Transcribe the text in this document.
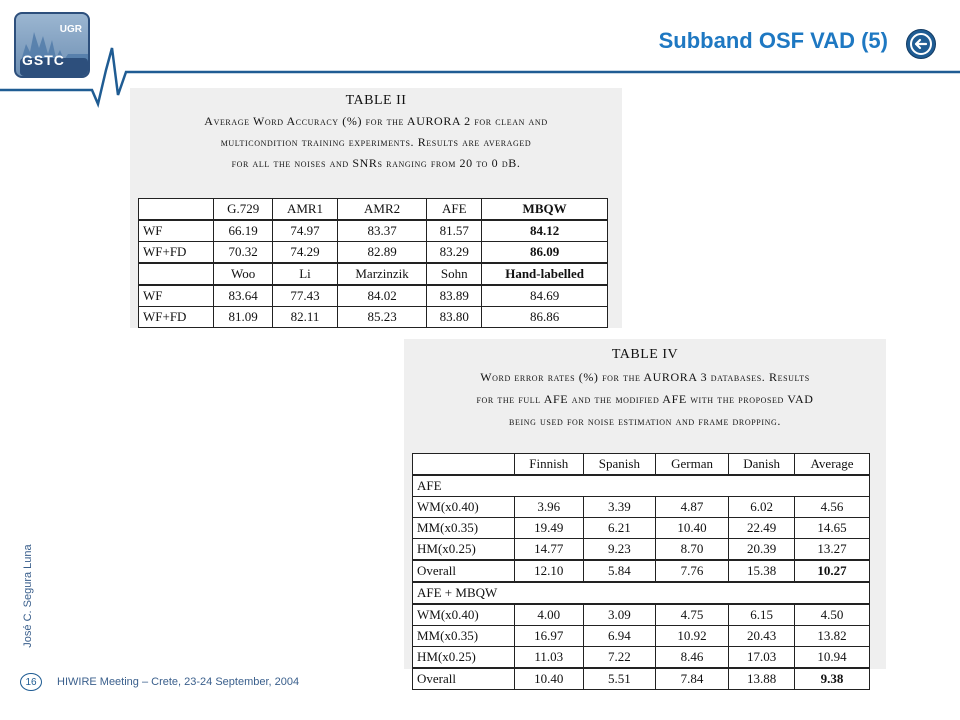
UGR
GSTC
Subband OSF VAD (5)
TABLE II
Average Word Accuracy (%) for the AURORA 2 for clean and
multicondition training experiments. Results are averaged
for all the noises and SNRs ranging from 20 to 0 dB.
	G.729	AMR1	AMR2	AFE	MBQW
WF	66.19	74.97	83.37	81.57	84.12
WF+FD	70.32	74.29	82.89	83.29	86.09
	Woo	Li	Marzinzik	Sohn	Hand-labelled
WF	83.64	77.43	84.02	83.89	84.69
WF+FD	81.09	82.11	85.23	83.80	86.86
TABLE IV
Word error rates (%) for the AURORA 3 databases. Results
for the full AFE and the modified AFE with the proposed VAD
being used for noise estimation and frame dropping.
	Finnish	Spanish	German	Danish	Average
AFE					
WM(x0.40)	3.96	3.39	4.87	6.02	4.56
MM(x0.35)	19.49	6.21	10.40	22.49	14.65
HM(x0.25)	14.77	9.23	8.70	20.39	13.27
Overall	12.10	5.84	7.76	15.38	10.27
AFE + MBQW					
WM(x0.40)	4.00	3.09	4.75	6.15	4.50
MM(x0.35)	16.97	6.94	10.92	20.43	13.82
HM(x0.25)	11.03	7.22	8.46	17.03	10.94
Overall	10.40	5.51	7.84	13.88	9.38
José C. Segura Luna
16	HIWIRE Meeting – Crete, 23-24 September, 2004
